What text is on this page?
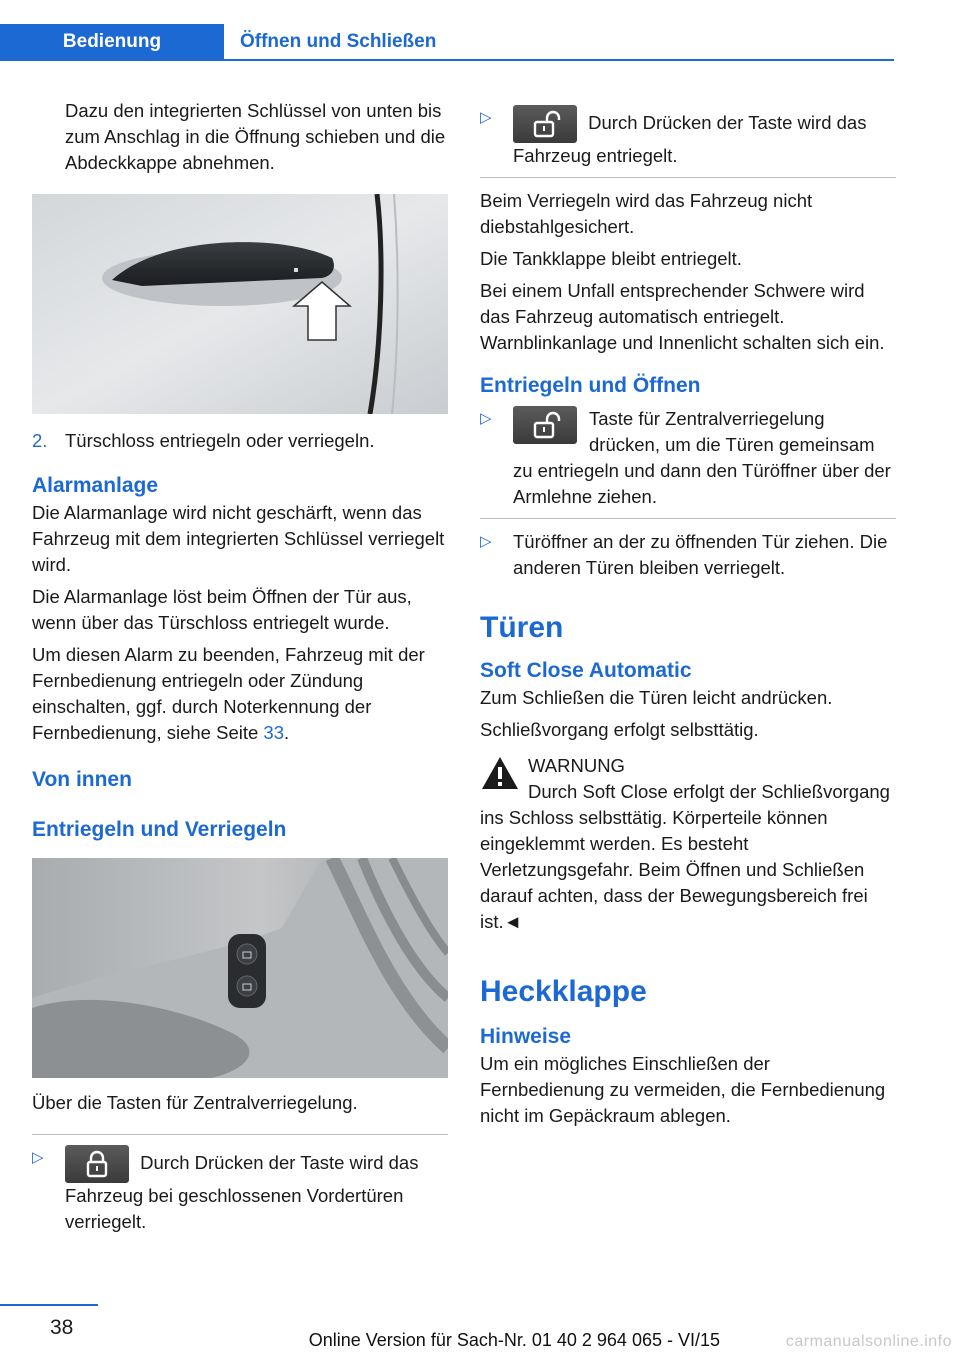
Bedienung	Öffnen und Schließen

Dazu den integrierten Schlüssel von unten bis zum Anschlag in die Öffnung schieben und die Abdeckkappe abnehmen.

2. Türschloss entriegeln oder verriegeln.
Alarmanlage

Die Alarmanlage wird nicht geschärft, wenn das Fahrzeug mit dem integrierten Schlüssel verriegelt wird.

Die Alarmanlage löst beim Öffnen der Tür aus, wenn über das Türschloss entriegelt wurde.

Um diesen Alarm zu beenden, Fahrzeug mit der Fernbedienung entriegeln oder Zündung einschalten, ggf. durch Noterkennung der Fernbedienung, siehe Seite 33.

Von innen
Entriegeln und Verriegeln

Über die Tasten für Zentralverriegelung.

▷	Durch Drücken der Taste wird das Fahrzeug bei geschlossenen Vordertüren verriegelt.
▷	Durch Drücken der Taste wird das Fahrzeug entriegelt.

Beim Verriegeln wird das Fahrzeug nicht diebstahlgesichert.

Die Tankklappe bleibt entriegelt.

Bei einem Unfall entsprechender Schwere wird das Fahrzeug automatisch entriegelt. Warnblinkanlage und Innenlicht schalten sich ein.

Entriegeln und Öffnen
▷	Taste für Zentralverriegelung drücken, um die Türen gemeinsam zu entriegeln und dann den Türöffner über der Armlehne ziehen.
▷	Türöffner an der zu öffnenden Tür ziehen. Die anderen Türen bleiben verriegelt.
Türen
Soft Close Automatic

Zum Schließen die Türen leicht andrücken.

Schließvorgang erfolgt selbsttätig.

WARNUNG
Durch Soft Close erfolgt der Schließvorgang ins Schloss selbsttätig. Körperteile können eingeklemmt werden. Es besteht Verletzungsgefahr. Beim Öffnen und Schließen darauf achten, dass der Bewegungsbereich frei ist.◄
Heckklappe
Hinweise

Um ein mögliches Einschließen der Fernbedienung zu vermeiden, die Fernbedienung nicht im Gepäckraum ablegen.

38
Online Version für Sach-Nr. 01 40 2 964 065 - VI/15	carmanualsonline.info
